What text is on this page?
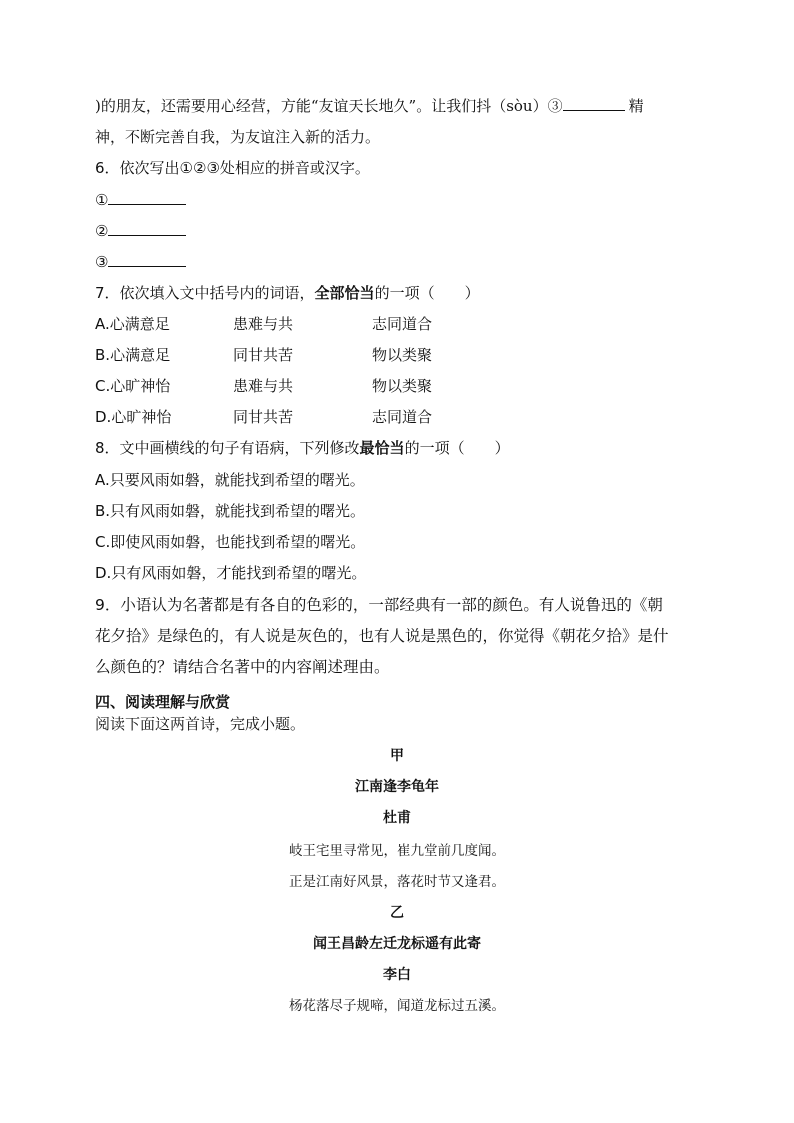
)的朋友，还需要用心经营，方能“友谊天长地久”。让我们抖（sòu）③	精
神，不断完善自我，为友谊注入新的活力。
6．依次写出①②③处相应的拼音或汉字。
①
②
③
7．依次填入文中括号内的词语，全部恰当的一项（　　）
A.心满意足	患难与共	志同道合
B.心满意足	同甘共苦	物以类聚
C.心旷神怡	患难与共	物以类聚
D.心旷神怡	同甘共苦	志同道合
8．文中画横线的句子有语病，下列修改最恰当的一项（　　）
A.只要风雨如磐，就能找到希望的曙光。
B.只有风雨如磐，就能找到希望的曙光。
C.即使风雨如磐，也能找到希望的曙光。
D.只有风雨如磐，才能找到希望的曙光。
9．小语认为名著都是有各自的色彩的，一部经典有一部的颜色。有人说鲁迅的《朝
花夕拾》是绿色的，有人说是灰色的，也有人说是黑色的，你觉得《朝花夕拾》是什
么颜色的？请结合名著中的内容阐述理由。
四、阅读理解与欣赏
阅读下面这两首诗，完成小题。
甲
江南逢李龟年
杜甫
岐王宅里寻常见，崔九堂前几度闻。
正是江南好风景，落花时节又逢君。
乙
闻王昌龄左迁龙标遥有此寄
李白
杨花落尽子规啼，闻道龙标过五溪。
